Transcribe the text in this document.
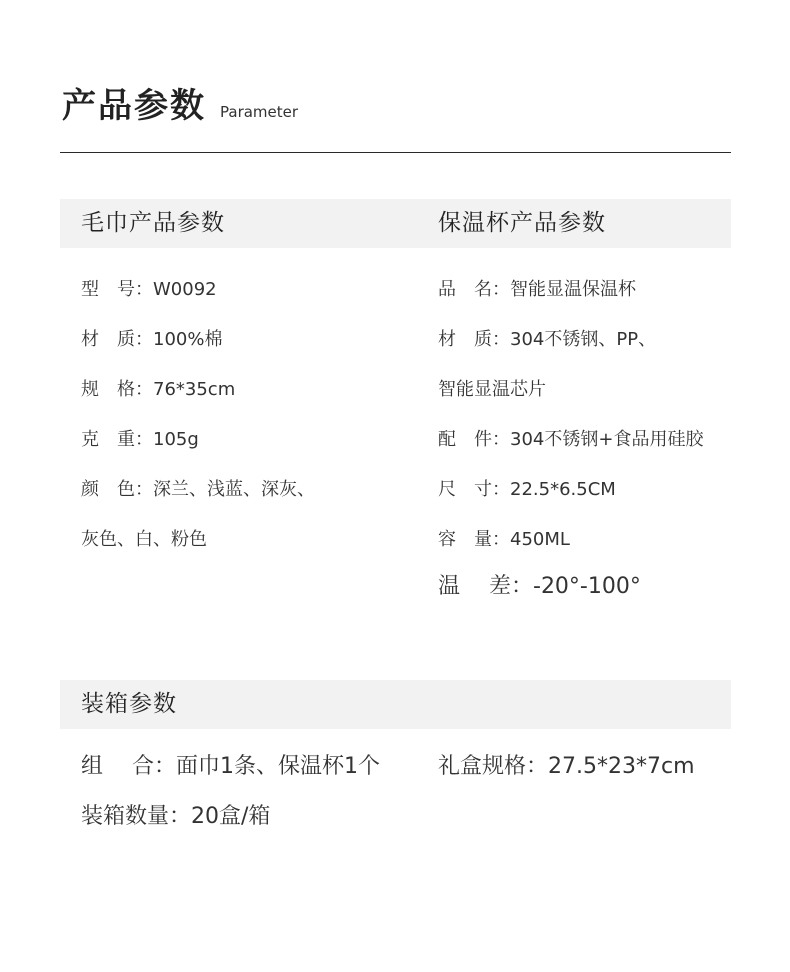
产品参数 Parameter
毛巾产品参数	保温杯产品参数
型　号：W0092
材　质：100%棉
规　格：76*35cm
克　重：105g
颜　色：深兰、浅蓝、深灰、
灰色、白、粉色
品　名：智能显温保温杯
材　质：304不锈钢、PP、
智能显温芯片
配　件：304不锈钢+食品用硅胶
尺　寸：22.5*6.5CM
容　量：450ML
温　 差：-20°-100°
装箱参数
组　 合：面巾1条、保温杯1个	礼盒规格：27.5*23*7cm
装箱数量：20盒/箱
